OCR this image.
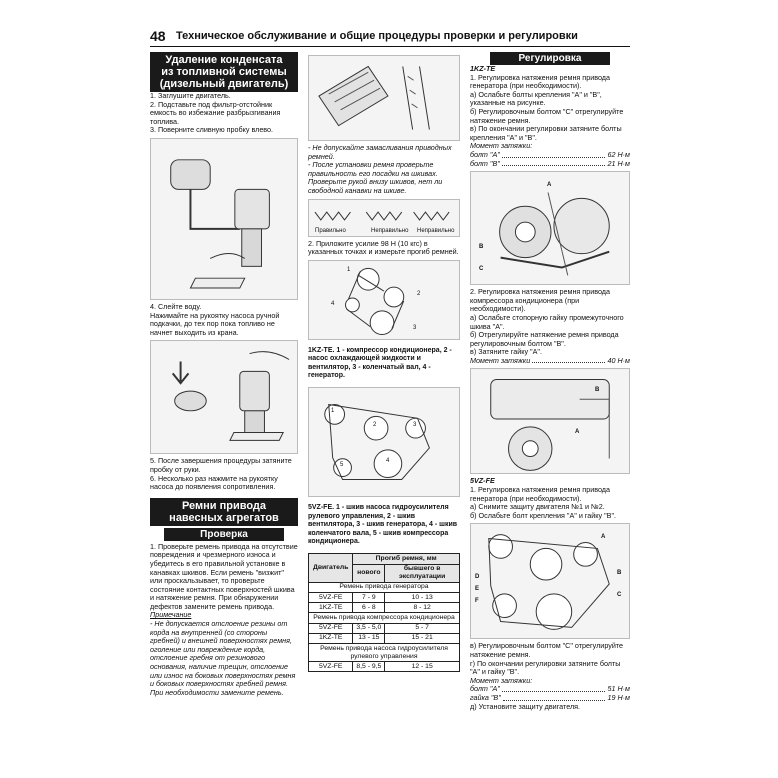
48 Техническое обслуживание и общие процедуры проверки и регулировки
Удаление конденсата
из топливной системы
(дизельный двигатель)

1. Заглушите двигатель.

2. Подставьте под фильтр-отстойник емкость во избежание разбрызгивания топлива.

3. Поверните сливную пробку влево.

4. Слейте воду.

Нажимайте на рукоятку насоса ручной подкачки, до тех пор пока топливо не начнет выходить из крана.

5. После завершения процедуры затяните пробку от руки.

6. Несколько раз нажмите на рукоятку насоса до появления сопротивления.

Ремни привода
навесных агрегатов
Проверка

1. Проверьте ремень привода на отсутствие повреждения и чрезмерного износа и убедитесь в его правильной установке в канавках шкивов. Если ремень "визжит" или проскальзывает, то проверьте состояние контактных поверхностей шкива и натяжение ремня. При обнаружении дефектов замените ремень привода.

Примечание

- Не допускается отслоение резины от корда на внутренней (со стороны гребней) и внешней поверхностях ремня, оголение или повреждение корда, отслоение гребня от резинового основания, наличие трещин, отслоение или износ на боковых поверхностях ремня и боковых поверхностях гребней ремня. При необходимости замените ремень.

- Не допускайте замасливания приводных ремней.

- После установки ремня проверьте правильность его посадки на шкивах. Проверьте рукой внизу шкивов, нет ли свободной канавки на шкиве.

Правильно	Неправильно Неправильно

2. Приложите усилие 98 Н (10 кгс) в указанных точках и измерьте прогиб ремней.

1
2
3
4

1KZ-TE. 1 - компрессор кондиционера, 2 - насос охлаждающей жидкости и вентилятор, 3 - коленчатый вал, 4 - генератор.

1
2	3
4
5

5VZ-FE. 1 - шкив насоса гидроусилителя рулевого управления, 2 - шкив вентилятора, 3 - шкив генератора, 4 - шкив коленчатого вала, 5 - шкив компрессора кондиционера.

Двигатель	Прогиб ремня, мм	
	нового	бывшего в эксплуатации
Ремень привода генератора		
5VZ-FE	7 - 9	10 - 13
1KZ-TE	6 - 8	8 - 12
Ремень привода компрессора кондиционера		
5VZ-FE	3,5 - 5,0	5 - 7
1KZ-TE	13 - 15	15 - 21
Ремень привода насоса гидроусилителя рулевого управления		
5VZ-FE	8,5 - 9,5	12 - 15
Регулировка

1KZ-TE

1. Регулировка натяжения ремня привода генератора (при необходимости).

а) Ослабьте болты крепления "A" и "B", указанные на рисунке.

б) Регулировочным болтом "C" отрегулируйте натяжение ремня.

в) По окончании регулировки затяните болты крепления "A" и "B".

Момент затяжки:

болт "A"	62 Н·м
болт "B"	21 Н·м
A
B
C

2. Регулировка натяжения ремня привода компрессора кондиционера (при необходимости).

а) Ослабьте стопорную гайку промежуточного шкива "A".

б) Отрегулируйте натяжение ремня привода регулировочным болтом "B".

в) Затяните гайку "A".

Момент затяжки	40 Н·м
A
B

5VZ-FE

1. Регулировка натяжения ремня привода генератора (при необходимости).

а) Снимите защиту двигателя №1 и №2.

б) Ослабьте болт крепления "A" и гайку "B".

A
B
C
D
E
F

в) Регулировочным болтом "C" отрегулируйте натяжение ремня.

г) По окончании регулировки затяните болты "A" и гайку "B".

Момент затяжки:

болт "A"	51 Н·м
гайка "B"	19 Н·м

д) Установите защиту двигателя.
